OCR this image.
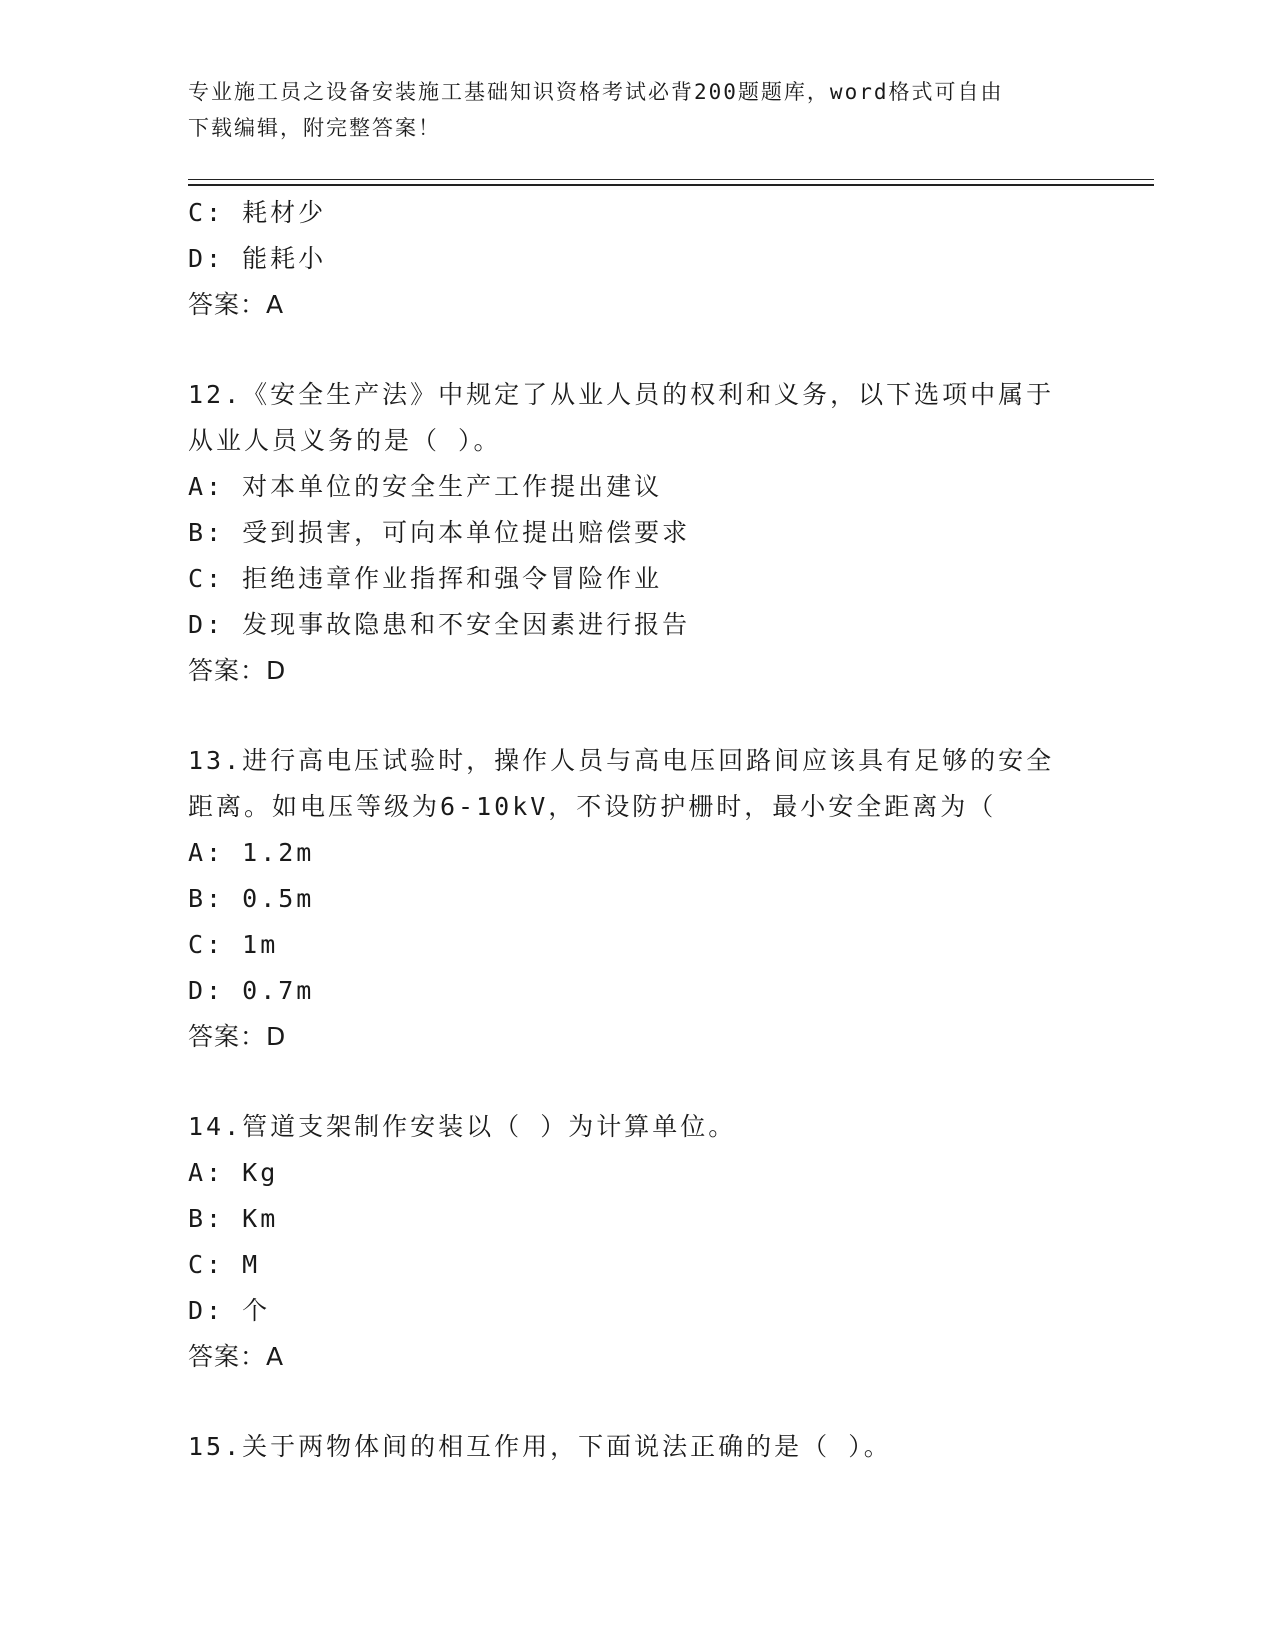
专业施工员之设备安装施工基础知识资格考试必背200题题库，word格式可自由
下载编辑，附完整答案！
C: 耗材少
D: 能耗小
答案：A
12.《安全生产法》中规定了从业人员的权利和义务，以下选项中属于
从业人员义务的是（ ）。
A: 对本单位的安全生产工作提出建议
B: 受到损害，可向本单位提出赔偿要求
C: 拒绝违章作业指挥和强令冒险作业
D: 发现事故隐患和不安全因素进行报告
答案：D
13.进行高电压试验时，操作人员与高电压回路间应该具有足够的安全
距离。如电压等级为6-10kV，不设防护栅时，最小安全距离为（
A: 1.2m
B: 0.5m
C: 1m
D: 0.7m
答案：D
14.管道支架制作安装以（ ）为计算单位。
A: Kg
B: Km
C: M
D: 个
答案：A
15.关于两物体间的相互作用，下面说法正确的是（ ）。
